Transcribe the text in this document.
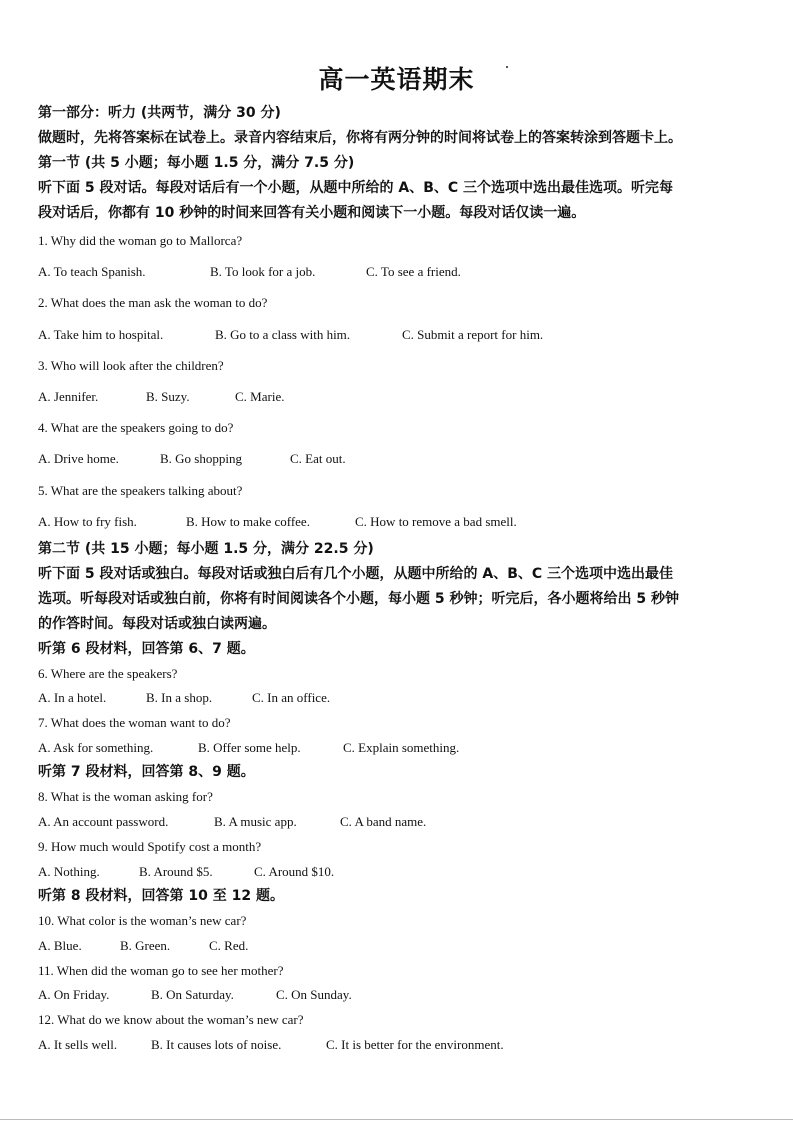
高一英语期末
第一部分：听力 (共两节，满分 30 分)
做题时，先将答案标在试卷上。录音内容结束后，你将有两分钟的时间将试卷上的答案转涂到答题卡上。
第一节 (共 5 小题；每小题 1.5 分，满分 7.5 分)
听下面 5 段对话。每段对话后有一个小题，从题中所给的 A、B、C 三个选项中选出最佳选项。听完每
段对话后，你都有 10 秒钟的时间来回答有关小题和阅读下一小题。每段对话仅读一遍。
1. Why did the woman go to Mallorca?
A. To teach Spanish.	B. To look for a job.	C. To see a friend.
2. What does the man ask the woman to do?
A. Take him to hospital.	B. Go to a class with him.	C. Submit a report for him.
3. Who will look after the children?
A. Jennifer.	B. Suzy.	C. Marie.
4. What are the speakers going to do?
A. Drive home.	B. Go shopping	C. Eat out.
5. What are the speakers talking about?
A. How to fry fish.	B. How to make coffee.	C. How to remove a bad smell.
第二节 (共 15 小题；每小题 1.5 分，满分 22.5 分)
听下面 5 段对话或独白。每段对话或独白后有几个小题，从题中所给的 A、B、C 三个选项中选出最佳
选项。听每段对话或独白前，你将有时间阅读各个小题，每小题 5 秒钟；听完后，各小题将给出 5 秒钟
的作答时间。每段对话或独白读两遍。
听第 6 段材料，回答第 6、7 题。
6. Where are the speakers?
A. In a hotel.	B. In a shop.	C. In an office.
7. What does the woman want to do?
A. Ask for something.	B. Offer some help.	C. Explain something.
听第 7 段材料，回答第 8、9 题。
8. What is the woman asking for?
A. An account password.	B. A music app.	C. A band name.
9. How much would Spotify cost a month?
A. Nothing.	B. Around $5.	C. Around $10.
听第 8 段材料，回答第 10 至 12 题。
10. What color is the woman’s new car?
A. Blue.	B. Green.	C. Red.
11. When did the woman go to see her mother?
A. On Friday.	B. On Saturday.	C. On Sunday.
12. What do we know about the woman’s new car?
A. It sells well.	B. It causes lots of noise.	C. It is better for the environment.
